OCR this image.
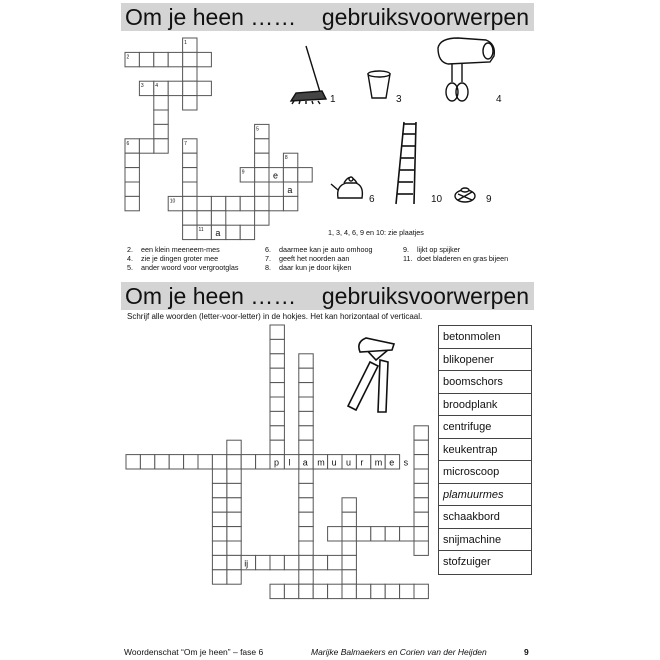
Om je heen ……

gebruiksvoorwerpen

Om je heen ……

gebruiksvoorwerpen

1
2
3 4
5
6	7
8
9
10
11
e
a
a
p l a m u u r m e s
ij
1	3	4
6	10	9
1, 3, 4, 6, 9 en 10: zie plaatjes
2. een klein meeneem-mes
4. zie je dingen groter mee
5. ander woord voor vergrootglas
6. daarmee kan je auto omhoog
7. geeft het noorden aan
8. daar kun je door kijken
9. lijkt op spijker
11. doet bladeren en gras bijeen
Schrijf alle woorden (letter-voor-letter) in de hokjes. Het kan horizontaal of verticaal.
betonmolen
blikopener
boomschors
broodplank
centrifuge
keukentrap
microscoop
plamuurmes
schaakbord
snijmachine
stofzuiger
Woordenschat “Om je heen” – fase 6	Marijke Balmaekers en Corien van der Heijden	9
